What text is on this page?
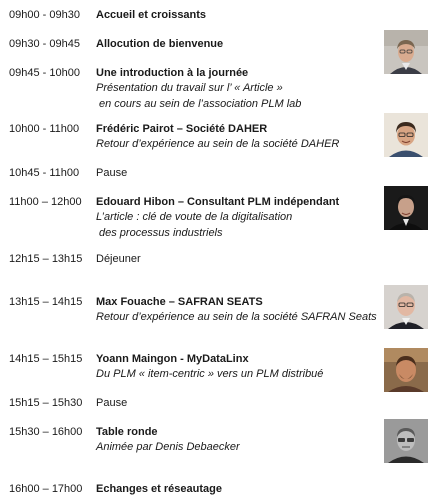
09h00 - 09h30 Accueil et croissants
09h30 - 09h45 Allocution de bienvenue
09h45 - 10h00 Une introduction à la journée
Présentation du travail sur l’ « Article »
en cours au sein de l’association PLM lab
10h00 - 11h00 Frédéric Pairot – Société DAHER
Retour d’expérience au sein de la société DAHER
10h45 - 11h00 Pause
11h00 – 12h00 Edouard Hibon – Consultant PLM indépendant
L’article : clé de voute de la digitalisation
des processus industriels
12h15 – 13h15 Déjeuner
13h15 – 14h15 Max Fouache – SAFRAN SEATS
Retour d’expérience au sein de la société SAFRAN Seats
14h15 – 15h15 Yoann Maingon - MyDataLinx
Du PLM « item-centric » vers un PLM distribué
15h15 – 15h30 Pause
15h30 – 16h00 Table ronde
Animée par Denis Debaecker
16h00 – 17h00 Echanges et réseautage
